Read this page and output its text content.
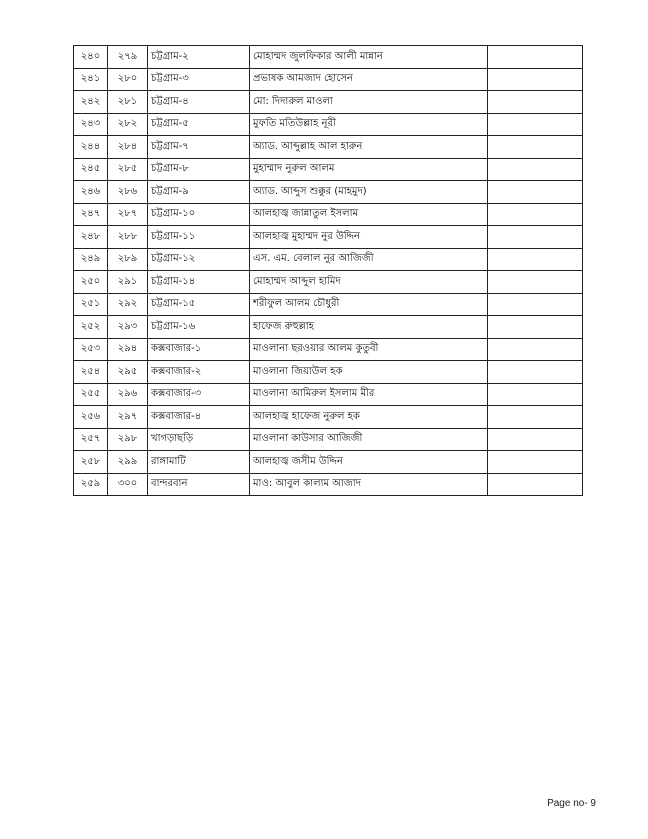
২৪০	২৭৯	চট্টগ্রাম-২	মোহাম্মদ জুলফিকার আলী মান্নান	
২৪১	২৮০	চট্টগ্রাম-৩	প্রভাষক আমজাদ হোসেন	
২৪২	২৮১	চট্টগ্রাম-৪	মো: দিদারুল মাওলা	
২৪৩	২৮২	চট্টগ্রাম-৫	মুফতি মতিউল্লাহ নূরী	
২৪৪	২৮৪	চট্টগ্রাম-৭	অ্যাড. আব্দুল্লাহ আল হারুন	
২৪৫	২৮৫	চট্টগ্রাম-৮	মুহাম্মাদ নুরুল আলম	
২৪৬	২৮৬	চট্টগ্রাম-৯	অ্যাড. আব্দুস শুক্কুর (মাহমুদ)	
২৪৭	২৮৭	চট্টগ্রাম-১০	আলহাজ্ব জান্নাতুল ইসলাম	
২৪৮	২৮৮	চট্টগ্রাম-১১	আলহাজ্ব মুহাম্মদ নুর উদ্দিন	
২৪৯	২৮৯	চট্টগ্রাম-১২	এস. এম. বেলাল নুর আজিজী	
২৫০	২৯১	চট্টগ্রাম-১৪	মোহাম্মদ আব্দুল হামিদ	
২৫১	২৯২	চট্টগ্রাম-১৫	শরীফুল আলম চৌধুরী	
২৫২	২৯৩	চট্টগ্রাম-১৬	হাফেজ রুহুল্লাহ	
২৫৩	২৯৪	কক্সবাজার-১	মাওলানা ছরওয়ার আলম কুতুবী	
২৫৪	২৯৫	কক্সবাজার-২	মাওলানা জিয়াউল হক	
২৫৫	২৯৬	কক্সবাজার-৩	মাওলানা আমিরুল ইসলাম মীর	
২৫৬	২৯৭	কক্সবাজার-৪	আলহাজ্ব হাফেজ নুরুল হক	
২৫৭	২৯৮	খাগড়াছড়ি	মাওলানা কাউসার আজিজী	
২৫৮	২৯৯	রাঙ্গামাটি	আলহাজ্ব জসীম উদ্দিন	
২৫৯	৩০০	বান্দরবান	মাও: আবুল কালাম আজাদ	
Page no- 9
